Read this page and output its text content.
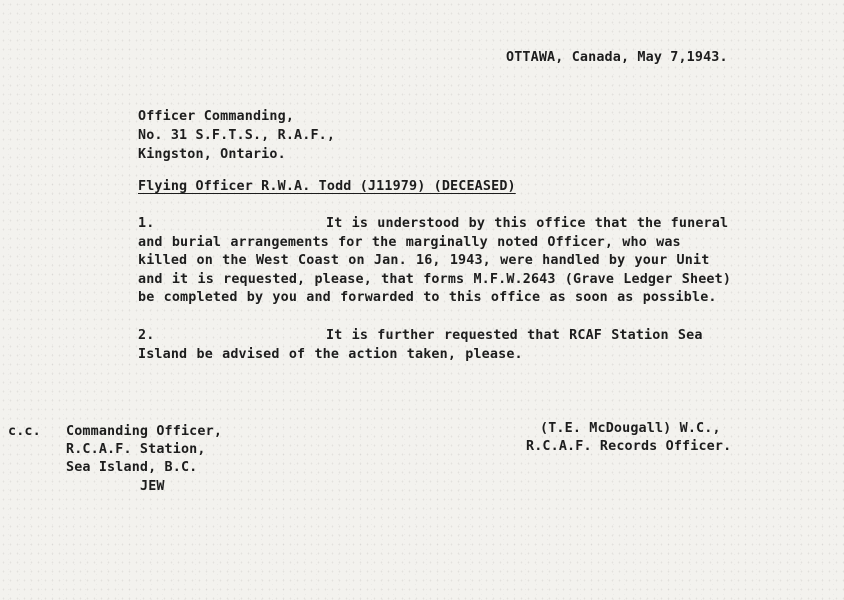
OTTAWA, Canada, May 7,1943.
Officer Commanding,
No. 31 S.F.T.S., R.A.F.,
Kingston, Ontario.
Flying Officer R.W.A. Todd (J11979) (DECEASED)
1.	It is understood by this office that the funeral
and burial arrangements for the marginally noted Officer, who was
killed on the West Coast on Jan. 16, 1943, were handled by your Unit
and it is requested, please, that forms M.F.W.2643 (Grave Ledger Sheet)
be completed by you and forwarded to this office as soon as possible.
2.	It is further requested that RCAF Station Sea
Island be advised of the action taken, please.
c.c. Commanding Officer,
R.C.A.F. Station,
Sea Island, B.C.
JEW
(T.E. McDougall) W.C.,
R.C.A.F. Records Officer.
